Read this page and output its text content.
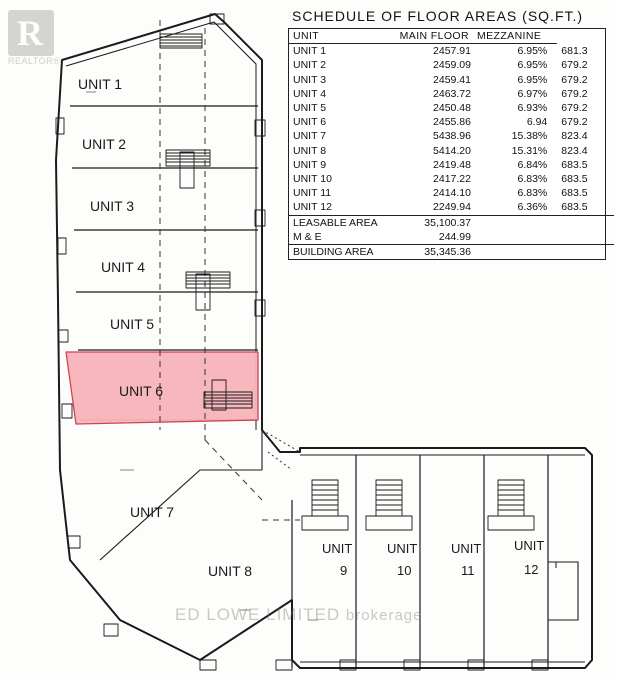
UNIT 1
UNIT 2
UNIT 3
UNIT 4
UNIT 5
UNIT 6
UNIT 7
UNIT 8
UNIT
9
UNIT
10
UNIT
11
UNIT
12
SCHEDULE OF FLOOR AREAS (SQ.FT.)
UNIT	MAIN FLOOR	MEZZANINE	
UNIT 1	2457.91	6.95%	681.3
UNIT 2	2459.09	6.95%	679.2
UNIT 3	2459.41	6.95%	679.2
UNIT 4	2463.72	6.97%	679.2
UNIT 5	2450.48	6.93%	679.2
UNIT 6	2455.86	6.94	679.2
UNIT 7	5438.96	15.38%	823.4
UNIT 8	5414.20	15.31%	823.4
UNIT 9	2419.48	6.84%	683.5
UNIT 10	2417.22	6.83%	683.5
UNIT 11	2414.10	6.83%	683.5
UNIT 12	2249.94	6.36%	683.5
LEASABLE AREA	35,100.37		
M & E	244.99		
BUILDING AREA	35,345.36		
R
REALTOR®
ED LOWE LIMITED brokerage
